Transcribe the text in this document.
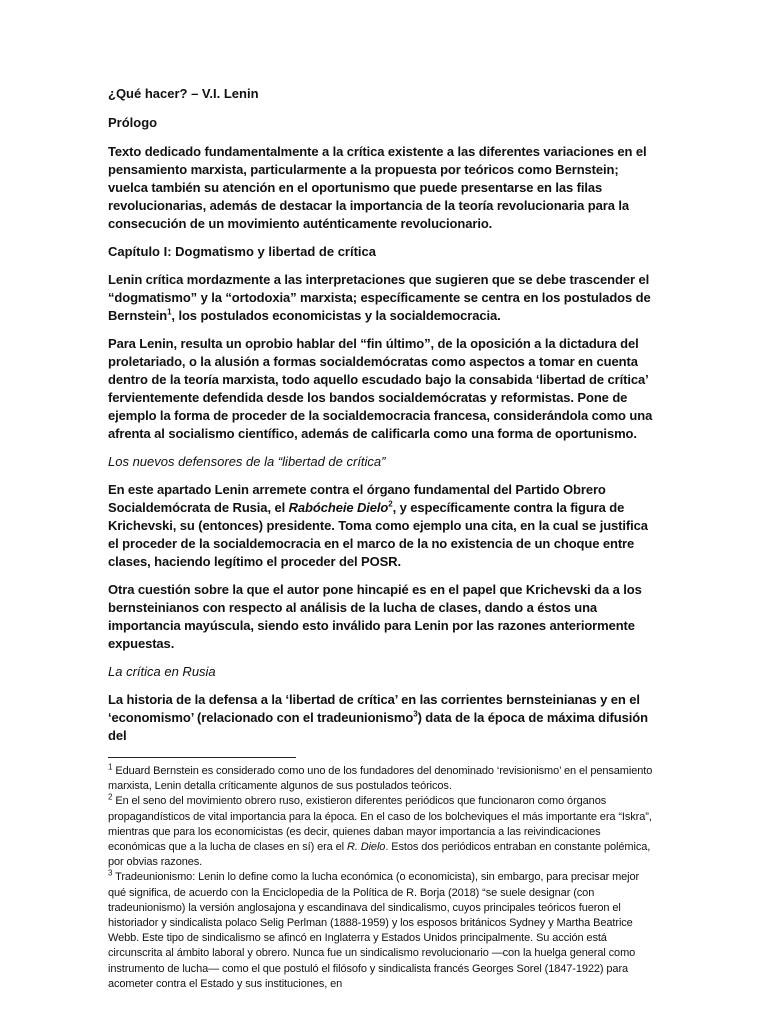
¿Qué hacer? – V.I. Lenin
Prólogo

Texto dedicado fundamentalmente a la crítica existente a las diferentes variaciones en el pensamiento marxista, particularmente a la propuesta por teóricos como Bernstein; vuelca también su atención en el oportunismo que puede presentarse en las filas revolucionarias, además de destacar la importancia de la teoría revolucionaria para la consecución de un movimiento auténticamente revolucionario.

Capítulo I: Dogmatismo y libertad de crítica

Lenin crítica mordazmente a las interpretaciones que sugieren que se debe trascender el “dogmatismo” y la “ortodoxia” marxista; específicamente se centra en los postulados de Bernstein$^1$, los postulados economicistas y la socialdemocracia.

Para Lenin, resulta un oprobio hablar del “fin último”, de la oposición a la dictadura del proletariado, o la alusión a formas socialdemócratas como aspectos a tomar en cuenta dentro de la teoría marxista, todo aquello escudado bajo la consabida ‘libertad de crítica’ fervientemente defendida desde los bandos socialdemócratas y reformistas. Pone de ejemplo la forma de proceder de la socialdemocracia francesa, considerándola como una afrenta al socialismo científico, además de calificarla como una forma de oportunismo.

Los nuevos defensores de la “libertad de crítica”

En este apartado Lenin arremete contra el órgano fundamental del Partido Obrero Socialdemócrata de Rusia, el Rabócheie Dielo$^2$, y específicamente contra la figura de Krichevski, su (entonces) presidente. Toma como ejemplo una cita, en la cual se justifica el proceder de la socialdemocracia en el marco de la no existencia de un choque entre clases, haciendo legítimo el proceder del POSR.

Otra cuestión sobre la que el autor pone hincapié es en el papel que Krichevski da a los bernsteinianos con respecto al análisis de la lucha de clases, dando a éstos una importancia mayúscula, siendo esto inválido para Lenin por las razones anteriormente expuestas.

La crítica en Rusia

La historia de la defensa a la ‘libertad de crítica’ en las corrientes bernsteinianas y en el ‘economismo’ (relacionado con el tradeunionismo$^3$) data de la época de máxima difusión del

$^1$ Eduard Bernstein es considerado como uno de los fundadores del denominado ‘revisionismo’ en el pensamiento marxista, Lenin detalla críticamente algunos de sus postulados teóricos.

$^2$ En el seno del movimiento obrero ruso, existieron diferentes periódicos que funcionaron como órganos propagandísticos de vital importancia para la época. En el caso de los bolcheviques el más importante era “Iskra”, mientras que para los economicistas (es decir, quienes daban mayor importancia a las reivindicaciones económicas que a la lucha de clases en sí) era el R. Dielo. Estos dos periódicos entraban en constante polémica, por obvias razones.

$^3$ Tradeunionismo: Lenin lo define como la lucha económica (o economicista), sin embargo, para precisar mejor qué significa, de acuerdo con la Enciclopedia de la Política de R. Borja (2018) “se suele designar (con tradeunionismo) la versión anglosajona y escandinava del sindicalismo, cuyos principales teóricos fueron el historiador y sindicalista polaco Selig Perlman (1888-1959) y los esposos británicos Sydney y Martha Beatrice Webb. Este tipo de sindicalismo se afincó en Inglaterra y Estados Unidos principalmente. Su acción está circunscrita al ámbito laboral y obrero. Nunca fue un sindicalismo revolucionario —con la huelga general como instrumento de lucha— como el que postuló el filósofo y sindicalista francés Georges Sorel (1847-1922) para acometer contra el Estado y sus instituciones, en
